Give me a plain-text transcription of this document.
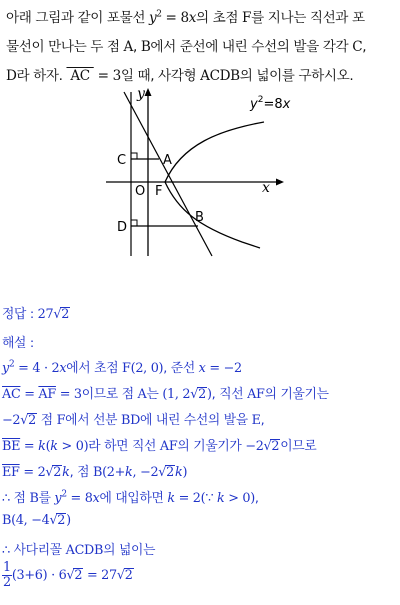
아래 그림과 같이 포물선 $y^2 = 8x$의 초점 F를 지나는 직선과 포
물선이 만나는 두 점 A, B에서 준선에 내린 수선의 발을 각각 C,
D라 하자.  AC  = 3일 때, 사각형 ACDB의 넓이를 구하시오.
$y^2=8x$
C	A
O F
D
B
x
y
정답 : 27√2
해설 :
$y^2 = 4 \cdot 2x$에서 초점 F(2, 0), 준선 x = −2
$\overline{AC} = \overline{AF} = 3$이므로 점 A는 (1, 2√2), 직선 AF의 기울기는
−2√2 점 F에서 선분 BD에 내린 수선의 발을 E,
$\overline{BE} = k(k > 0)$라 하면 직선 AF의 기울기가 −2√2이므로
$\overline{EF} = 2√2k$, 점 B(2+k, −2√2k)
∴ 점 B를 $y^2 = 8x$에 대입하면 k = 2(∵ k > 0),
B(4, −4√2)
∴ 사다리꼴 ACDB의 넓이는
$\frac{1}{2} (3+6) \cdot 6√2 = 27√2$
